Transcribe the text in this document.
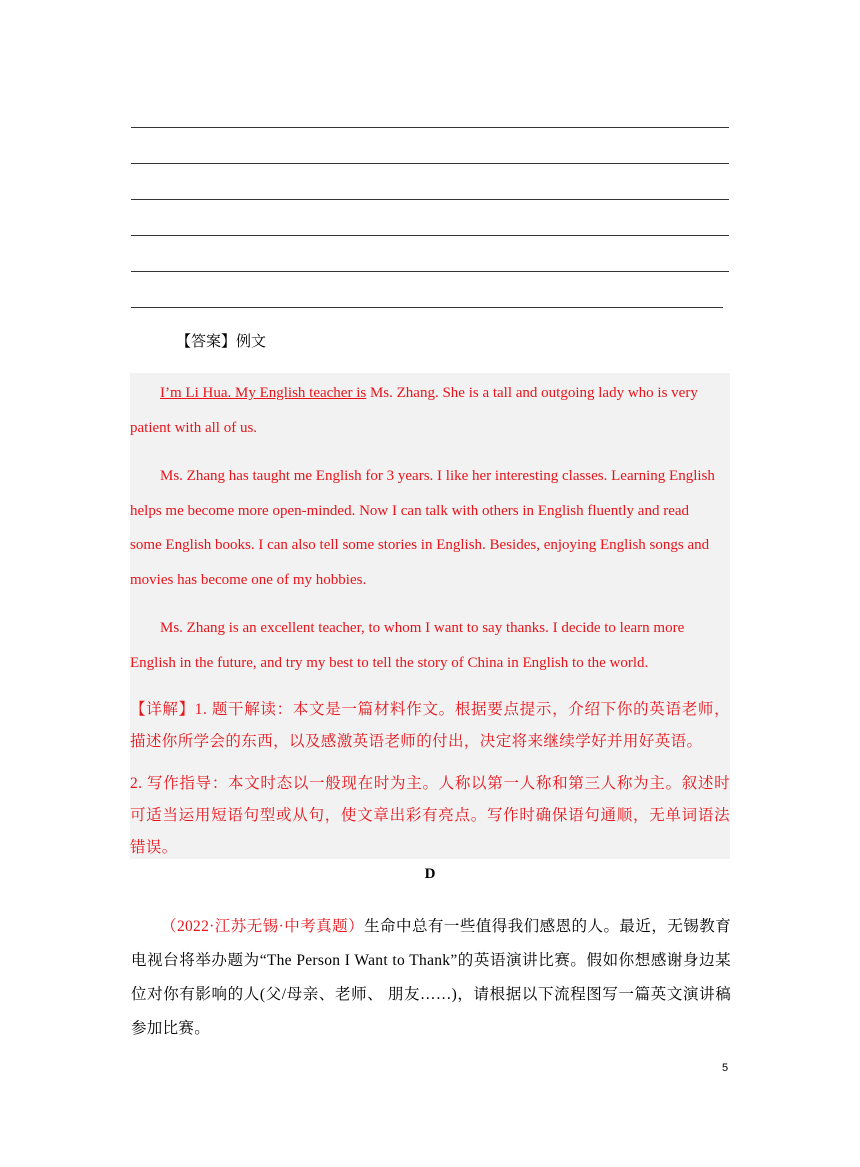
【答案】例文

I’m Li Hua. My English teacher is Ms. Zhang. She is a tall and outgoing lady who is very patient with all of us.

Ms. Zhang has taught me English for 3 years. I like her interesting classes. Learning English helps me become more open-minded. Now I can talk with others in English fluently and read some English books. I can also tell some stories in English. Besides, enjoying English songs and movies has become one of my hobbies.

Ms. Zhang is an excellent teacher, to whom I want to say thanks. I decide to learn more English in the future, and try my best to tell the story of China in English to the world.

【详解】1. 题干解读：本文是一篇材料作文。根据要点提示，介绍下你的英语老师，描述你所学会的东西，以及感激英语老师的付出，决定将来继续学好并用好英语。

2. 写作指导：本文时态以一般现在时为主。人称以第一人称和第三人称为主。叙述时可适当运用短语句型或从句，使文章出彩有亮点。写作时确保语句通顺，无单词语法错误。

D

（2022·江苏无锡·中考真题）生命中总有一些值得我们感恩的人。最近，无锡教育电视台将举办题为“The Person I Want to Thank”的英语演讲比赛。假如你想感谢身边某位对你有影响的人(父/母亲、老师、 朋友……)，请根据以下流程图写一篇英文演讲稿参加比赛。

5
